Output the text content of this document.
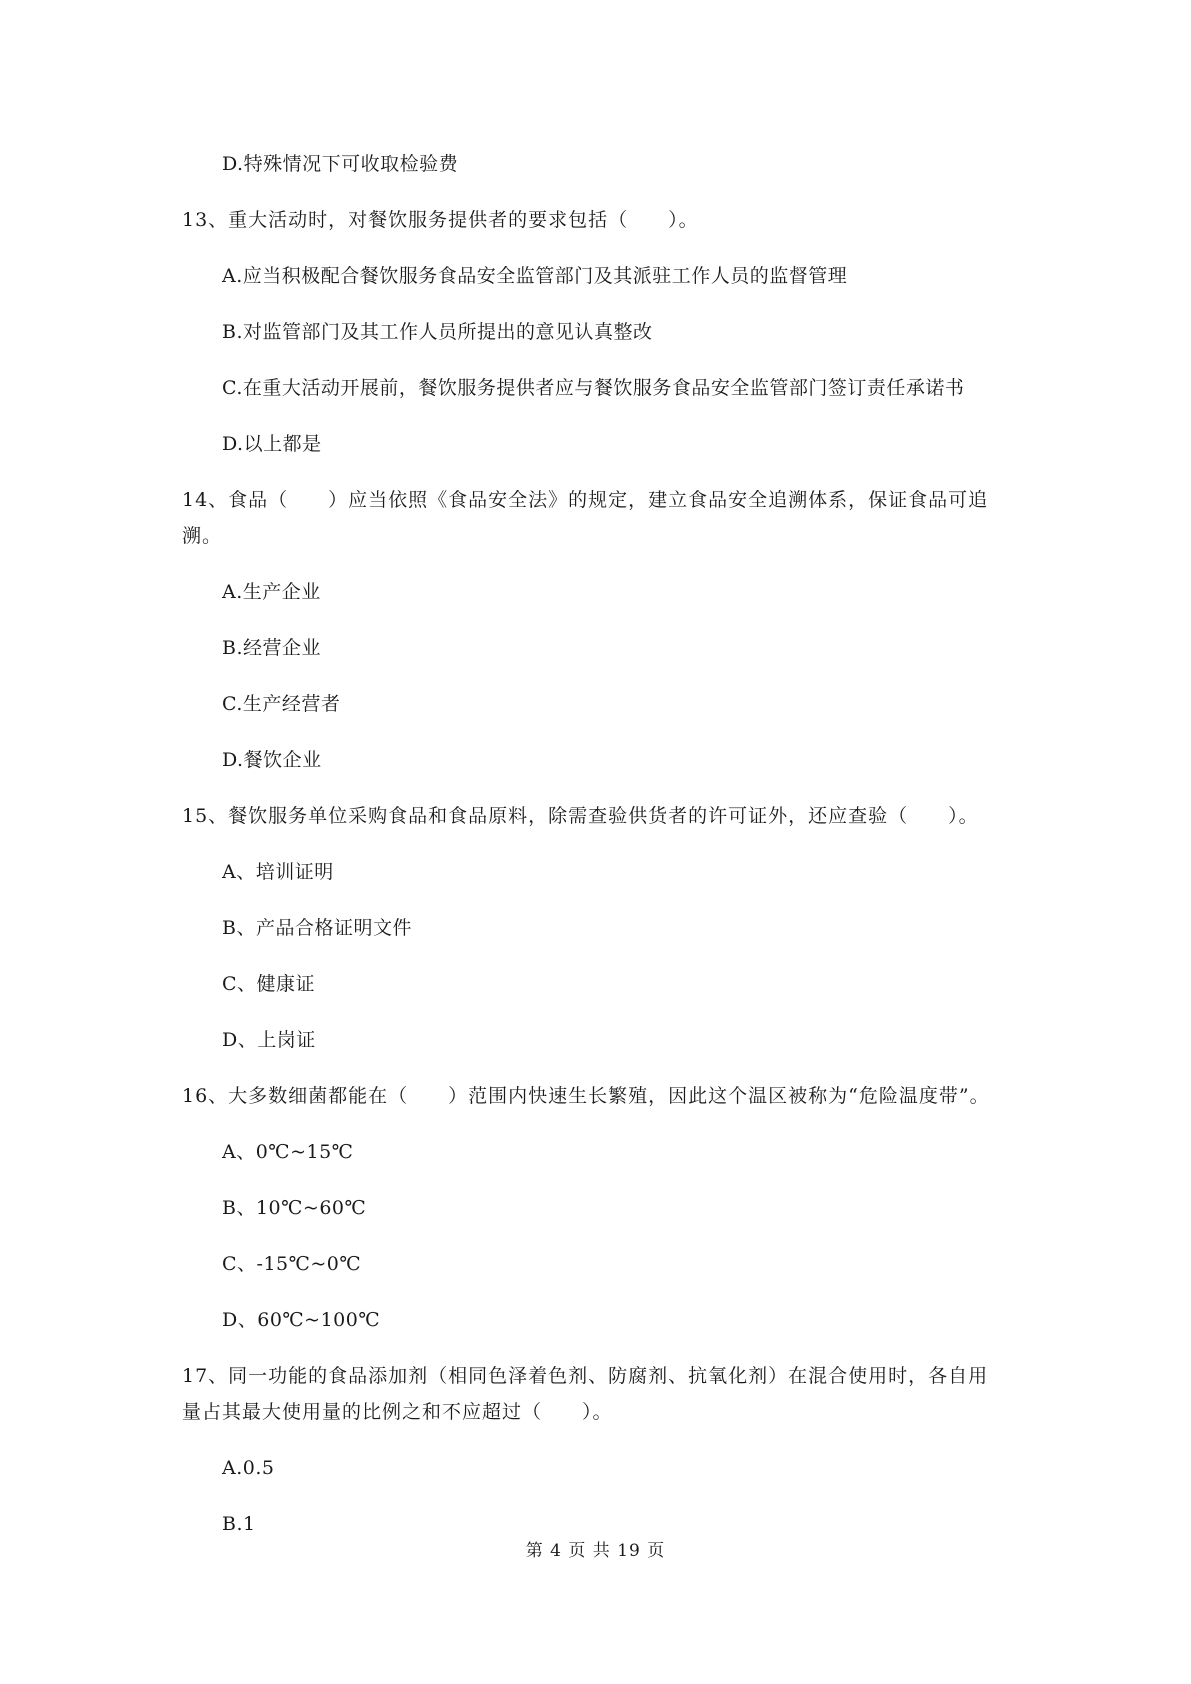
D.特殊情况下可收取检验费
13、重大活动时，对餐饮服务提供者的要求包括（　　）。
A.应当积极配合餐饮服务食品安全监管部门及其派驻工作人员的监督管理
B.对监管部门及其工作人员所提出的意见认真整改
C.在重大活动开展前，餐饮服务提供者应与餐饮服务食品安全监管部门签订责任承诺书
D.以上都是
14、食品（　　）应当依照《食品安全法》的规定，建立食品安全追溯体系，保证食品可追
溯。
A.生产企业
B.经营企业
C.生产经营者
D.餐饮企业
15、餐饮服务单位采购食品和食品原料，除需查验供货者的许可证外，还应查验（　　）。
A、培训证明
B、产品合格证明文件
C、健康证
D、上岗证
16、大多数细菌都能在（　　）范围内快速生长繁殖，因此这个温区被称为“危险温度带”。
A、0℃~15℃
B、10℃~60℃
C、-15℃~0℃
D、60℃~100℃
17、同一功能的食品添加剂（相同色泽着色剂、防腐剂、抗氧化剂）在混合使用时，各自用
量占其最大使用量的比例之和不应超过（　　）。
A.0.5
B.1
第 4 页 共 19 页
